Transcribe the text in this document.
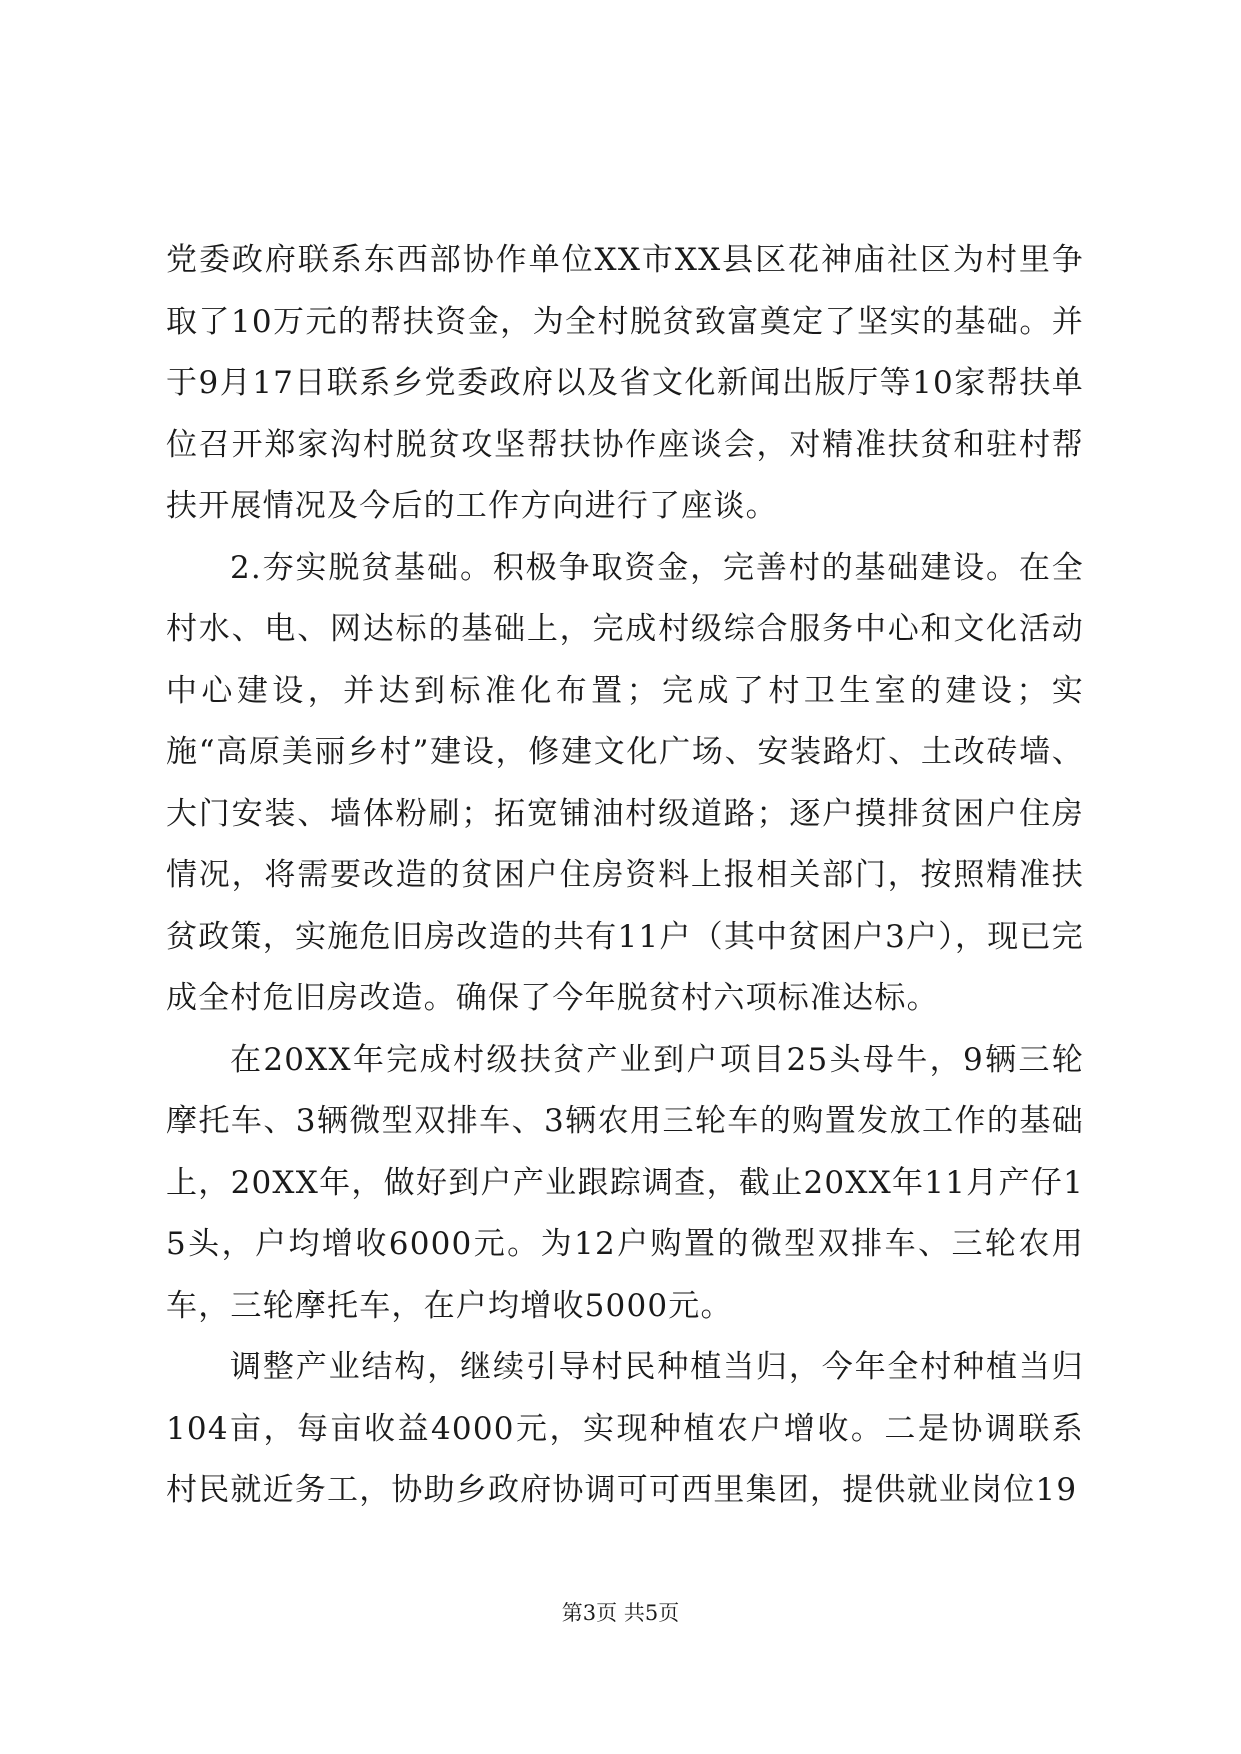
党委政府联系东西部协作单位XX市XX县区花神庙社区为村里争取了10万元的帮扶资金，为全村脱贫致富奠定了坚实的基础。并于9月17日联系乡党委政府以及省文化新闻出版厅等10家帮扶单位召开郑家沟村脱贫攻坚帮扶协作座谈会，对精准扶贫和驻村帮扶开展情况及今后的工作方向进行了座谈。

2.夯实脱贫基础。积极争取资金，完善村的基础建设。在全村水、电、网达标的基础上，完成村级综合服务中心和文化活动中心建设，并达到标准化布置；完成了村卫生室的建设；实施“高原美丽乡村”建设，修建文化广场、安装路灯、土改砖墙、大门安装、墙体粉刷；拓宽铺油村级道路；逐户摸排贫困户住房情况，将需要改造的贫困户住房资料上报相关部门，按照精准扶贫政策，实施危旧房改造的共有11户（其中贫困户3户），现已完成全村危旧房改造。确保了今年脱贫村六项标准达标。

在20XX年完成村级扶贫产业到户项目25头母牛，9辆三轮摩托车、3辆微型双排车、3辆农用三轮车的购置发放工作的基础上，20XX年，做好到户产业跟踪调查，截止20XX年11月产仔15头，户均增收6000元。为12户购置的微型双排车、三轮农用车，三轮摩托车，在户均增收5000元。

调整产业结构，继续引导村民种植当归，今年全村种植当归104亩，每亩收益4000元，实现种植农户增收。二是协调联系村民就近务工，协助乡政府协调可可西里集团，提供就业岗位19

第3页 共5页
